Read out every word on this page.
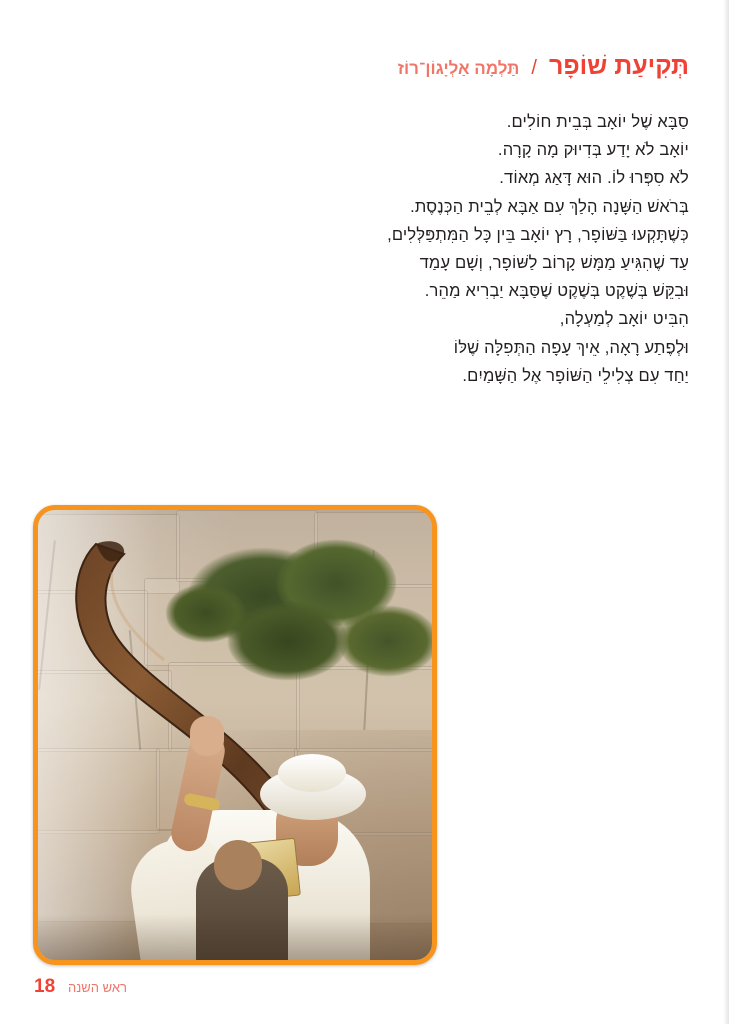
תְּקִיעַת שׁוֹפָר
/
תַּלְמָה אַלְיָגוֹן־רוֹז
סַבָּא שֶׁל יוֹאָב בְּבֵית חוֹלִים.
יוֹאָב לֹא יָדַע בְּדִיוּק מָה קָרָה.
לֹא סִפְּרוּ לוֹ. הוּא דָּאַג מְאוֹד.
בְּרֹאשׁ הַשָּׁנָה הָלַךְ עִם אַבָּא לְבֵית הַכְּנֶסֶת.
כְּשֶׁתָּקְעוּ בַּשּׁוֹפָר, רָץ יוֹאָב בֵּין כָּל הַמִּתְפַּלְּלִים,
עַד שֶׁהִגִּיעַ מַמָּשׁ קָרוֹב לַשּׁוֹפָר, וְשָׁם עָמַד
וּבִקֵּשׁ בְּשֶׁקֶט בְּשֶׁקֶט שֶׁסַּבָּא יַבְרִיא מַהֵר.
הִבִּיט יוֹאָב לְמַעְלָה,
וּלְפֶתַע רָאָה, אֵיךְ עָפָה הַתְּפִלָּה שֶׁלּוֹ
יַחַד עִם צְלִילֵי הַשּׁוֹפָר אֶל הַשָּׁמַיִם.
ראש השנה
18
